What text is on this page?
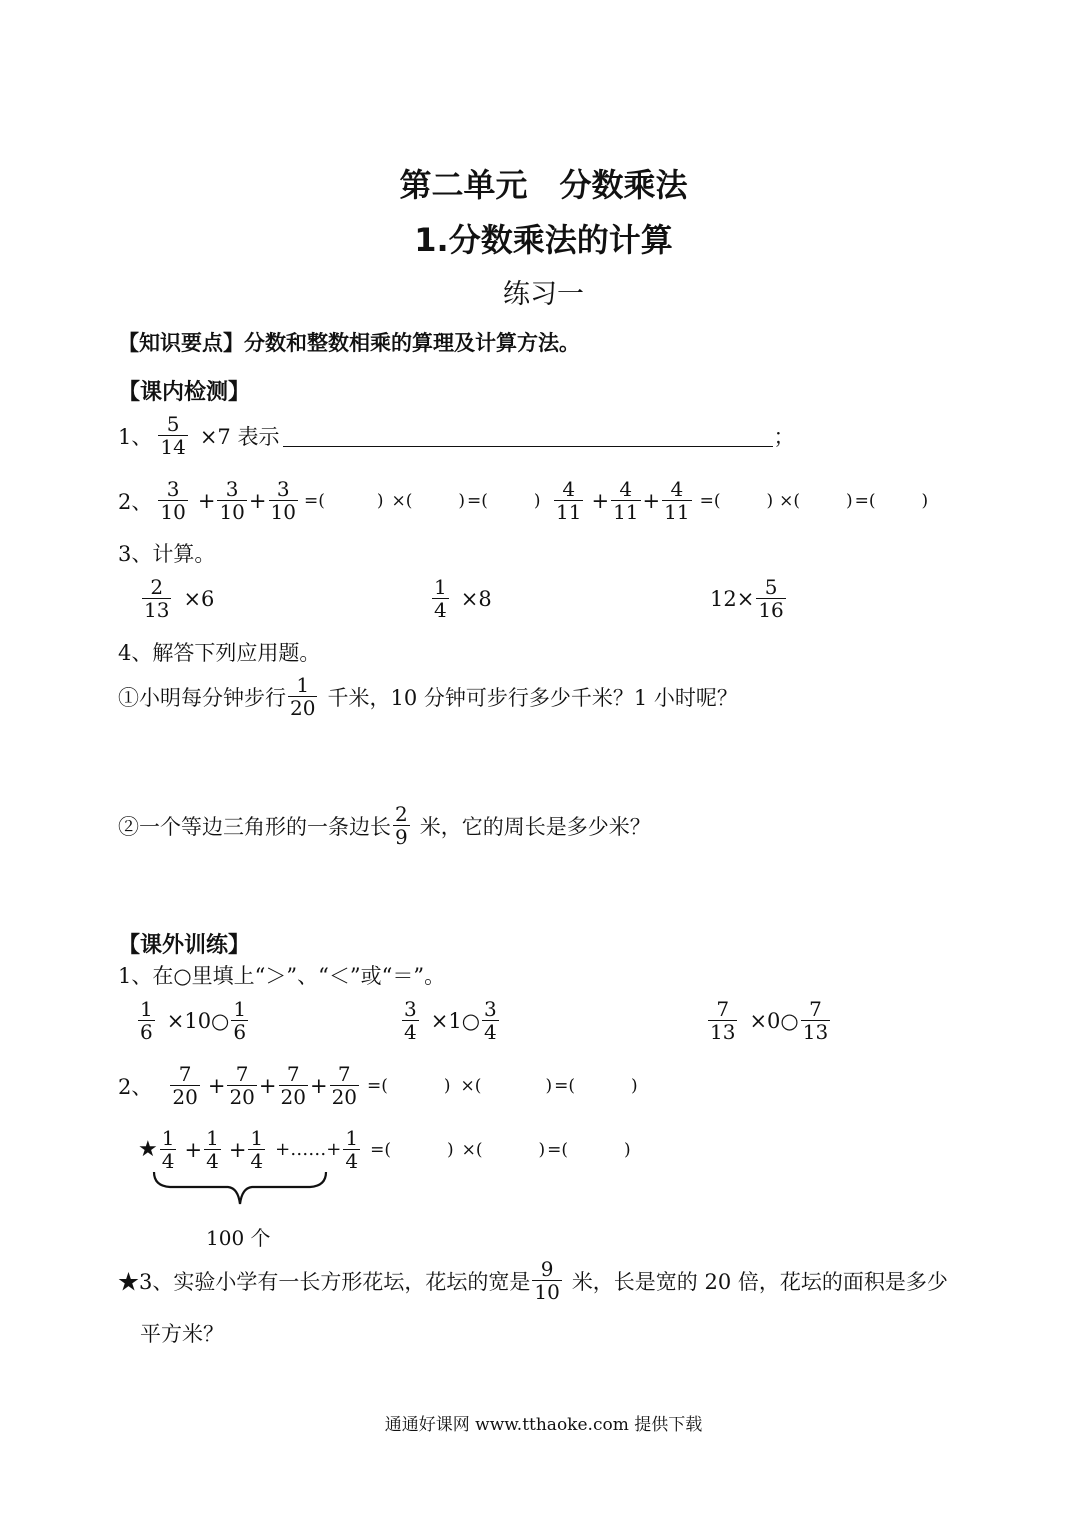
第二单元　分数乘法
1.分数乘法的计算
练习一
【知识要点】分数和整数相乘的算理及计算方法。
【课内检测】
1、 $\frac{5}{14} \times 7$ 表示	；
2、 $\frac{3}{10} + \frac{3}{10} + \frac{3}{10}$ = (	) × (	) = (	) $\frac{4}{11} + \frac{4}{11} + \frac{4}{11}$ = (	) × (	) = (	)
3、计算。
$\frac{2}{13} \times 6$	$\frac{1}{4} \times 8$	$12\times \frac{5}{16}$
4、解答下列应用题。
①小明每分钟步行 $\frac{1}{20}$ 千米，10 分钟可步行多少千米？1 小时呢？
②一个等边三角形的一条边长 $\frac{2}{9}$ 米，它的周长是多少米？
【课外训练】
1、在○里填上“＞”、“＜”或“＝”。
$\frac{1}{6}$ ×10○ $\frac{1}{6}$	$\frac{3}{4}$ ×1○ $\frac{3}{4}$	$\frac{7}{13}$ ×0○ $\frac{7}{13}$
2、 $\frac{7}{20} + \frac{7}{20} + \frac{7}{20} + \frac{7}{20}$ = (	) × (	) = (	)
★ $\frac{1}{4} + \frac{1}{4} + \frac{1}{4}$ +……+ $\frac{1}{4}$ = (	) × (	) = (	)
100 个
★3、实验小学有一长方形花坛，花坛的宽是 $\frac{9}{10}$ 米，长是宽的 20 倍，花坛的面积是多少
平方米？
通通好课网 www.tthaoke.com 提供下载
